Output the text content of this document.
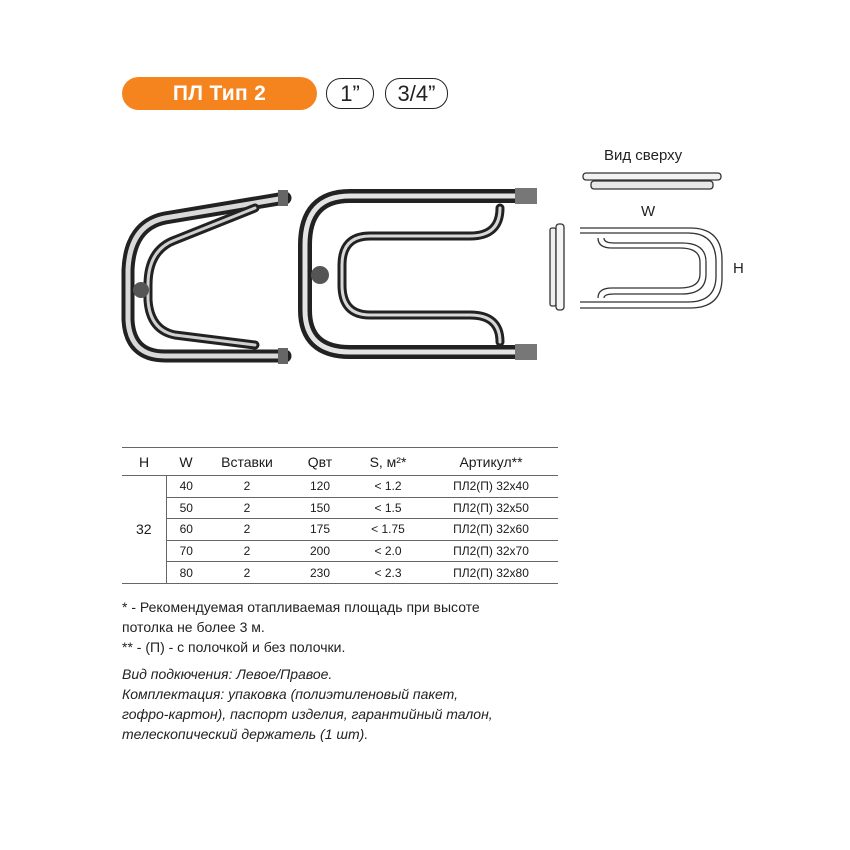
ПЛ Тип 2	1”	3/4”
Вид сверху
W
H
H	W	Вставки	Qвт	S, м²*	Артикул**
32	40	2	120	< 1.2	ПЛ2(П) 32х40
	50	2	150	< 1.5	ПЛ2(П) 32х50
	60	2	175	< 1.75	ПЛ2(П) 32х60
	70	2	200	< 2.0	ПЛ2(П) 32х70
	80	2	230	< 2.3	ПЛ2(П) 32х80

* - Рекомендуемая отапливаемая площадь при высоте

потолка не более 3 м.

** - (П) - с полочкой и без полочки.

Вид подкючения: Левое/Правое.

Комплектация: упаковка (полиэтиленовый пакет,

гофро-картон), паспорт изделия, гарантийный талон,

телескопический держатель (1 шт).
